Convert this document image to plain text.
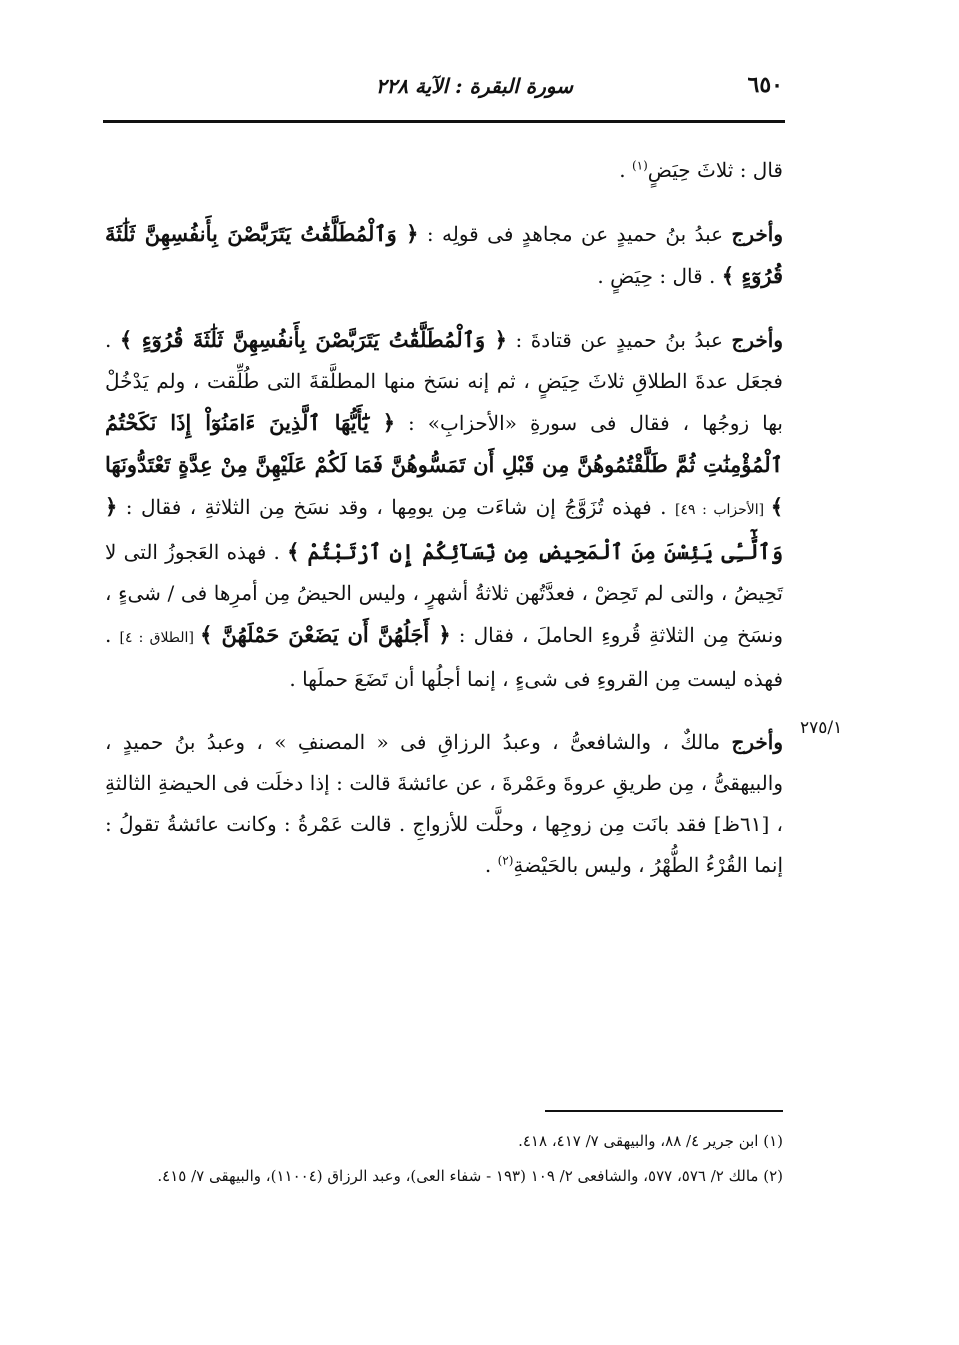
٦٥٠
سورة البقرة : الآية ٢٢٨

قال : ثلاثَ حِيَضٍ$^{(١)}$ .

وأخرج عبدُ بنُ حميدٍ عن مجاهدٍ فى قولِه : ﴿ وَٱلْمُطَلَّقَٰتُ يَتَرَبَّصْنَ بِأَنفُسِهِنَّ ثَلَٰثَةَ قُرُوٓءٍ ﴾ . قال : حِيَضٍ .

وأخرج عبدُ بنُ حميدٍ عن قتادةَ : ﴿ وَٱلْمُطَلَّقَٰتُ يَتَرَبَّصْنَ بِأَنفُسِهِنَّ ثَلَٰثَةَ قُرُوٓءٍ ﴾ . فجعَل عدةَ الطلاقِ ثلاثَ حِيَضٍ ، ثم إنه نسَخ منها المطلَّقةَ التى طُلِّقت ، ولم يَدْخُلْ بها زوجُها ، فقال فى سورةِ «الأحزابِ» : ﴿ يَٰٓأَيُّهَا ٱلَّذِينَ ءَامَنُوٓاْ إِذَا نَكَحْتُمُ ٱلْمُؤْمِنَٰتِ ثُمَّ طَلَّقْتُمُوهُنَّ مِن قَبْلِ أَن تَمَسُّوهُنَّ فَمَا لَكُمْ عَلَيْهِنَّ مِنْ عِدَّةٍ تَعْتَدُّونَهَا ﴾ [الأحزاب : ٤٩] . فهذه تُزَوَّجُ إن شاءَت مِن يومِها ، وقد نسَخ مِن الثلاثةِ ، فقال : ﴿ وَٱلَّٰٓـِٔى يَئِسْنَ مِنَ ٱلْمَحِيضِ مِن نِّسَآئِكُمْ إِنِ ٱرْتَبْتُمْ ﴾ . فهذه العَجوزُ التى لا تَحِيضُ ، والتى لم تَحِضْ ، فعدَّتُهن ثلاثةُ أشهرٍ ، وليس الحيضُ مِن أمرِها فى / شىءٍ ، ونسَخ مِن الثلاثةِ قُروءِ الحاملَ ، فقال : ﴿ أَجَلُهُنَّ أَن يَضَعْنَ حَمْلَهُنَّ ﴾ [الطلاق : ٤] . فهذه ليست مِن القروءِ فى شىءٍ ، إنما أجلُها أن تَضَعَ حملَها .

وأخرج مالكٌ ، والشافعىُّ ، وعبدُ الرزاقِ فى « المصنفِ » ، وعبدُ بنُ حميدٍ ، والبيهقىُّ ، مِن طريقِ عروةَ وعَمْرةَ ، عن عائشةَ قالت : إذا دخلَت فى الحيضةِ الثالثةِ ، [٦١ظ] فقد بانَت مِن زوجِها ، وحلَّت للأزواجِ . قالت عَمْرةُ : وكانت عائشةُ تقولُ : إنما القُرْءُ الطُّهْرُ ، وليس بالحَيْضةِ$^{(٢)}$ .

٢٧٥/١

(١) ابن جرير ٤/ ٨٨، والبيهقى ٧/ ٤١٧، ٤١٨.

(٢) مالك ٢/ ٥٧٦، ٥٧٧، والشافعى ٢/ ١٠٩ (١٩٣ - شفاء العى)، وعبد الرزاق (١١٠٠٤)، والبيهقى ٧/ ٤١٥.
